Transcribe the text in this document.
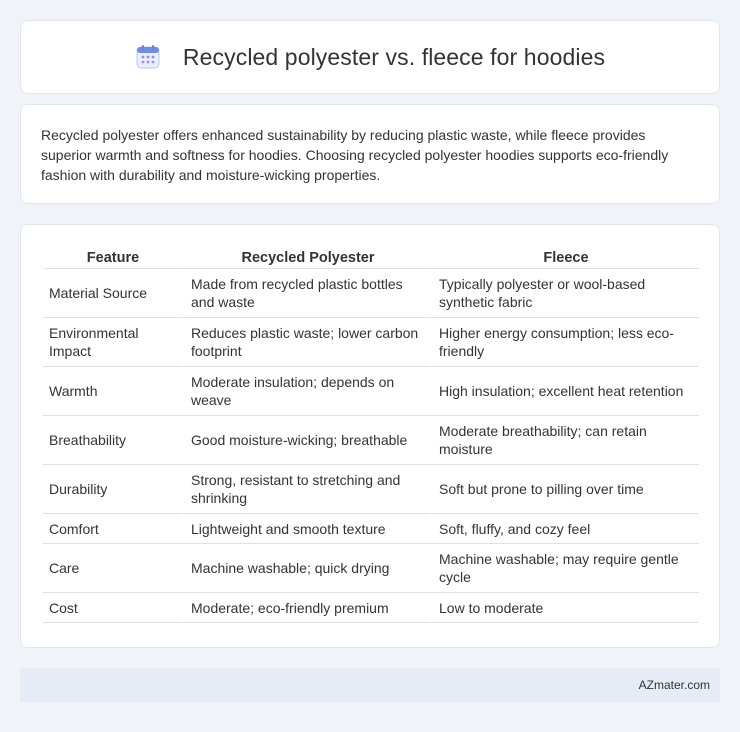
Recycled polyester vs. fleece for hoodies

Recycled polyester offers enhanced sustainability by reducing plastic waste, while fleece provides superior warmth and softness for hoodies. Choosing recycled polyester hoodies supports eco-friendly fashion with durability and moisture-wicking properties.

Feature	Recycled Polyester	Fleece
Material Source	Made from recycled plastic bottles and waste	Typically polyester or wool-based synthetic fabric
Environmental Impact	Reduces plastic waste; lower carbon footprint	Higher energy consumption; less eco-friendly
Warmth	Moderate insulation; depends on weave	High insulation; excellent heat retention
Breathability	Good moisture-wicking; breathable	Moderate breathability; can retain moisture
Durability	Strong, resistant to stretching and shrinking	Soft but prone to pilling over time
Comfort	Lightweight and smooth texture	Soft, fluffy, and cozy feel
Care	Machine washable; quick drying	Machine washable; may require gentle cycle
Cost	Moderate; eco-friendly premium	Low to moderate
AZmater.com
